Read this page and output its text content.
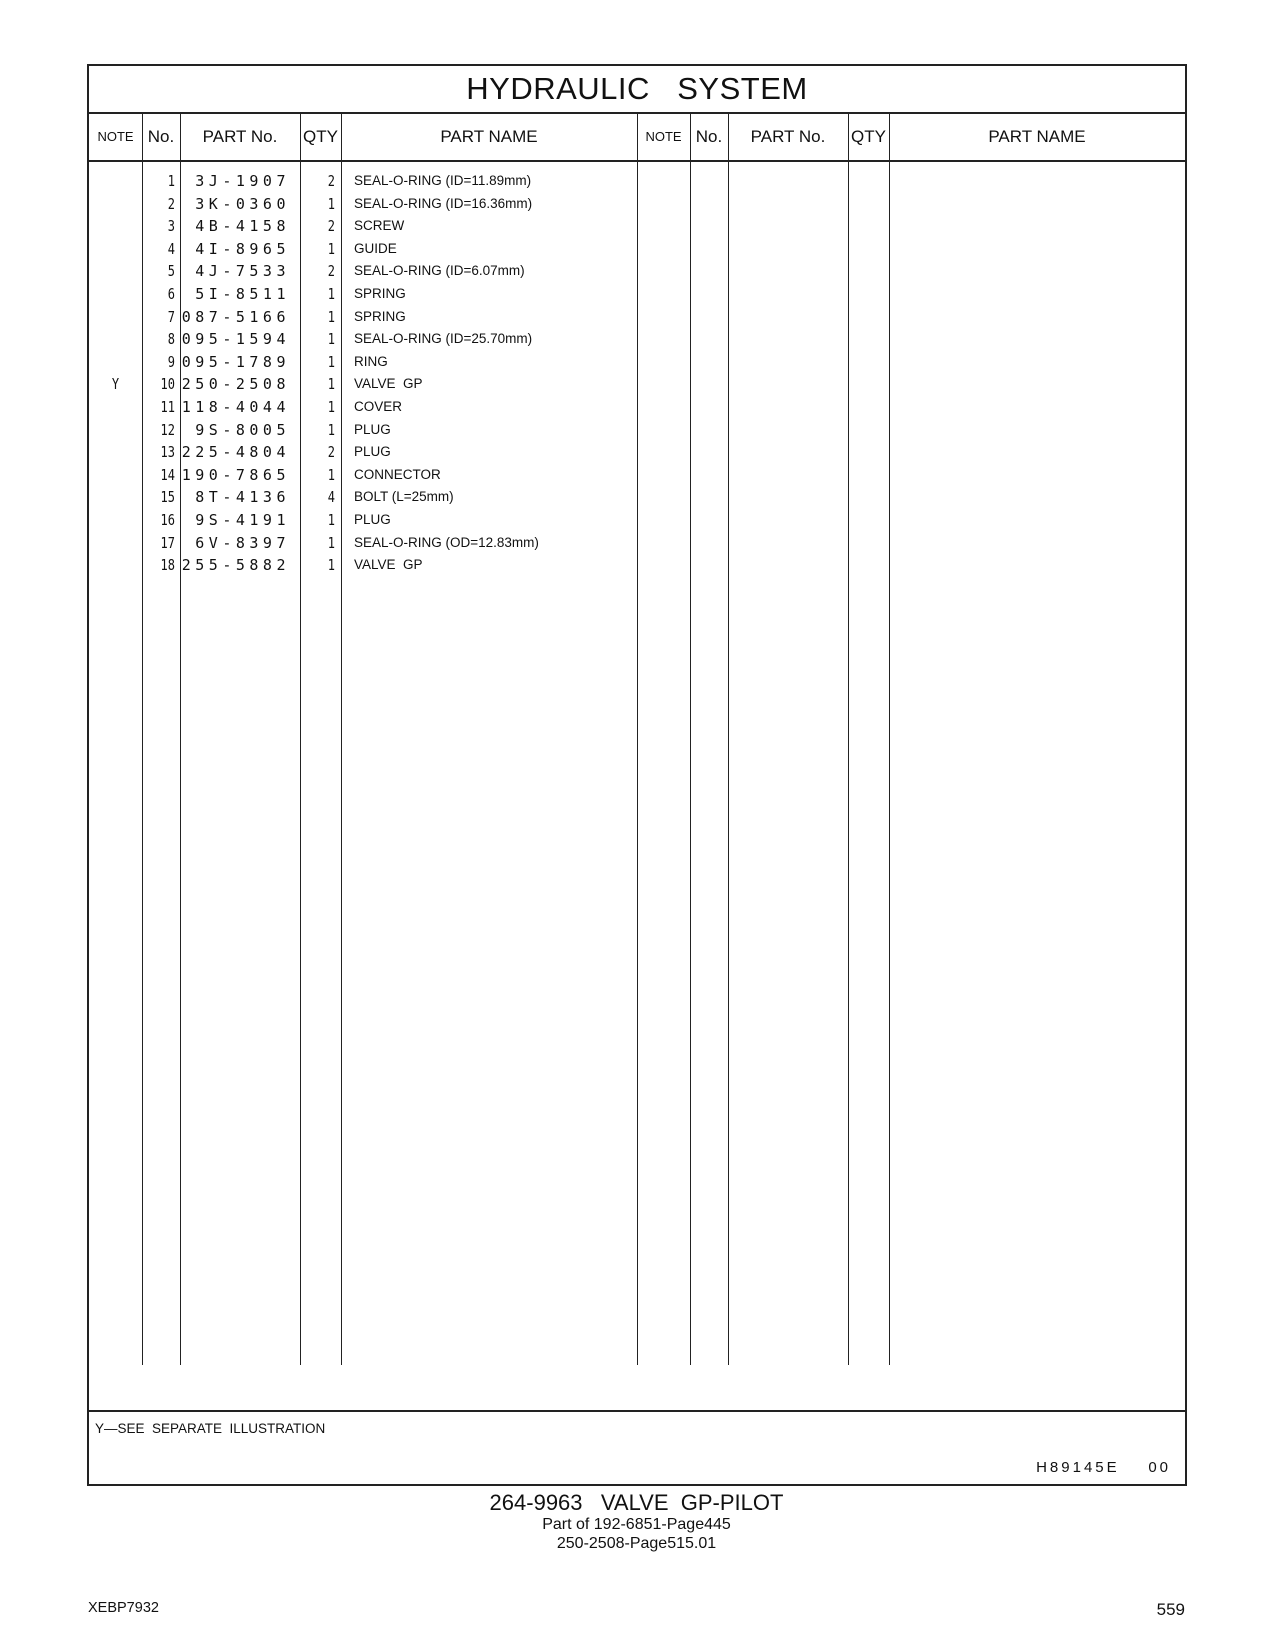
HYDRAULIC   SYSTEM
NOTE No.	PART No.	QTY	PART NAME	NOTE No.	PART No.	QTY	PART NAME
1	3J-1907	2 SEAL-O-RING (ID=11.89mm)
2	3K-0360	1 SEAL-O-RING (ID=16.36mm)
3	4B-4158	2 SCREW
4	4I-8965	1 GUIDE
5	4J-7533	2 SEAL-O-RING (ID=6.07mm)
6	5I-8511	1 SPRING
7 087-5166	1 SPRING
8 095-1594	1 SEAL-O-RING (ID=25.70mm)
9 095-1789	1 RING
Y	10 250-2508	1 VALVE  GP
11 118-4044	1 COVER
12	9S-8005	1 PLUG
13 225-4804	2 PLUG
14 190-7865	1 CONNECTOR
15	8T-4136	4 BOLT (L=25mm)
16	9S-4191	1 PLUG
17	6V-8397	1 SEAL-O-RING (OD=12.83mm)
18 255-5882	1 VALVE  GP
Y—SEE  SEPARATE  ILLUSTRATION
H89145E    00
264-9963   VALVE  GP-PILOT
Part of 192-6851-Page445
250-2508-Page515.01
XEBP7932	559
